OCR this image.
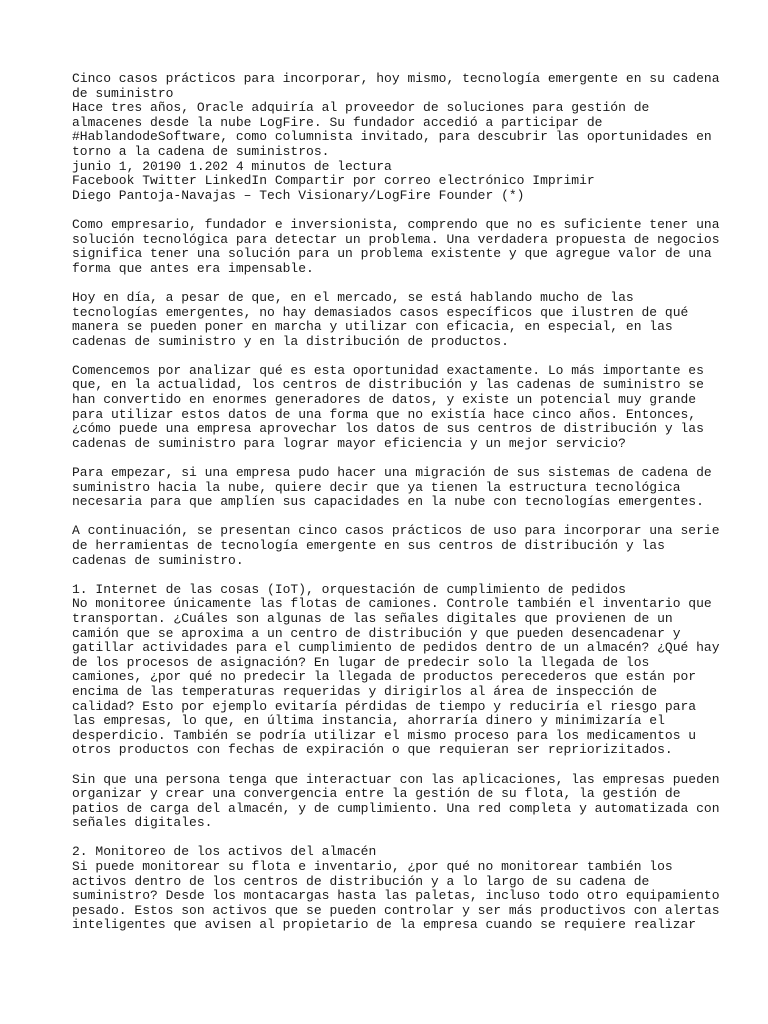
Cinco casos prácticos para incorporar, hoy mismo, tecnología emergente en su cadena
de suministro
Hace tres años, Oracle adquiría al proveedor de soluciones para gestión de
almacenes desde la nube LogFire. Su fundador accedió a participar de
#HablandodeSoftware, como columnista invitado, para descubrir las oportunidades en
torno a la cadena de suministros.
junio 1, 20190 1.202 4 minutos de lectura
Facebook Twitter LinkedIn Compartir por correo electrónico Imprimir
Diego Pantoja-Navajas – Tech Visionary/LogFire Founder (*)
Como empresario, fundador e inversionista, comprendo que no es suficiente tener una
solución tecnológica para detectar un problema. Una verdadera propuesta de negocios
significa tener una solución para un problema existente y que agregue valor de una
forma que antes era impensable.
Hoy en día, a pesar de que, en el mercado, se está hablando mucho de las
tecnologías emergentes, no hay demasiados casos específicos que ilustren de qué
manera se pueden poner en marcha y utilizar con eficacia, en especial, en las
cadenas de suministro y en la distribución de productos.
Comencemos por analizar qué es esta oportunidad exactamente. Lo más importante es
que, en la actualidad, los centros de distribución y las cadenas de suministro se
han convertido en enormes generadores de datos, y existe un potencial muy grande
para utilizar estos datos de una forma que no existía hace cinco años. Entonces,
¿cómo puede una empresa aprovechar los datos de sus centros de distribución y las
cadenas de suministro para lograr mayor eficiencia y un mejor servicio?
Para empezar, si una empresa pudo hacer una migración de sus sistemas de cadena de
suministro hacia la nube, quiere decir que ya tienen la estructura tecnológica
necesaria para que amplíen sus capacidades en la nube con tecnologías emergentes.
A continuación, se presentan cinco casos prácticos de uso para incorporar una serie
de herramientas de tecnología emergente en sus centros de distribución y las
cadenas de suministro.
1. Internet de las cosas (IoT), orquestación de cumplimiento de pedidos
No monitoree únicamente las flotas de camiones. Controle también el inventario que
transportan. ¿Cuáles son algunas de las señales digitales que provienen de un
camión que se aproxima a un centro de distribución y que pueden desencadenar y
gatillar actividades para el cumplimiento de pedidos dentro de un almacén? ¿Qué hay
de los procesos de asignación? En lugar de predecir solo la llegada de los
camiones, ¿por qué no predecir la llegada de productos perecederos que están por
encima de las temperaturas requeridas y dirigirlos al área de inspección de
calidad? Esto por ejemplo evitaría pérdidas de tiempo y reduciría el riesgo para
las empresas, lo que, en última instancia, ahorraría dinero y minimizaría el
desperdicio. También se podría utilizar el mismo proceso para los medicamentos u
otros productos con fechas de expiración o que requieran ser repriorizitados.
Sin que una persona tenga que interactuar con las aplicaciones, las empresas pueden
organizar y crear una convergencia entre la gestión de su flota, la gestión de
patios de carga del almacén, y de cumplimiento. Una red completa y automatizada con
señales digitales.
2. Monitoreo de los activos del almacén
Si puede monitorear su flota e inventario, ¿por qué no monitorear también los
activos dentro de los centros de distribución y a lo largo de su cadena de
suministro? Desde los montacargas hasta las paletas, incluso todo otro equipamiento
pesado. Estos son activos que se pueden controlar y ser más productivos con alertas
inteligentes que avisen al propietario de la empresa cuando se requiere realizar
